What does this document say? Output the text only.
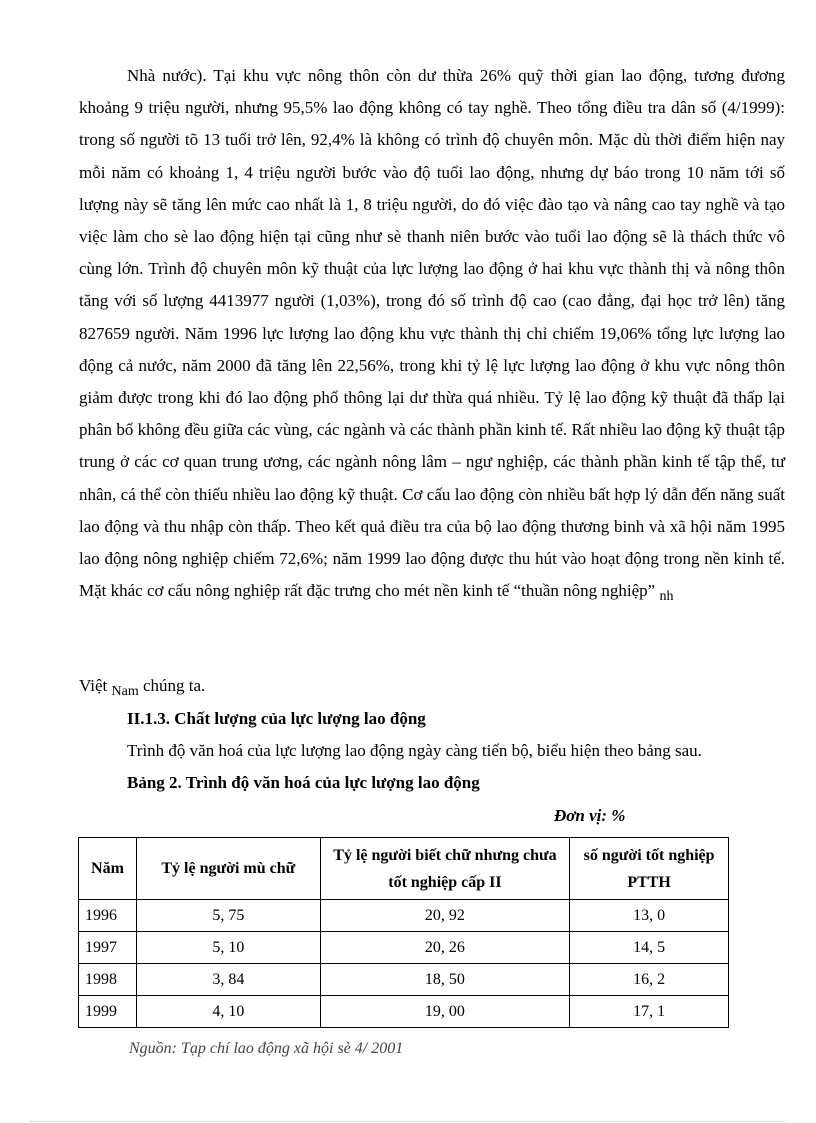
Nhà nước). Tại khu vực nông thôn còn dư thừa 26% quỹ thời gian lao động, tương đương khoảng 9 triệu người, nhưng 95,5% lao động không có tay nghề. Theo tổng điều tra dân số (4/1999): trong số người tõ 13 tuổi trở lên, 92,4% là không có trình độ chuyên môn. Mặc dù thời điểm hiện nay mỗi năm có khoảng 1, 4 triệu người bước vào độ tuổi lao động, nhưng dự báo trong 10 năm tới số lượng này sẽ tăng lên mức cao nhất là 1, 8 triệu người, do đó việc đào tạo và nâng cao tay nghề và tạo việc làm cho sè lao động hiện tại cũng như sè thanh niên bước vào tuổi lao động sẽ là thách thức vô cùng lớn. Trình độ chuyên môn kỹ thuật của lực lượng lao động ở hai khu vực thành thị và nông thôn tăng với số lượng 4413977 người (1,03%), trong đó số trình độ cao (cao đẳng, đại học trở lên) tăng 827659 người. Năm 1996 lực lượng lao động khu vực thành thị chỉ chiếm 19,06% tổng lực lượng lao động cả nước, năm 2000 đã tăng lên 22,56%, trong khi tỷ lệ lực lượng lao động ở khu vực nông thôn giảm được trong khi đó lao động phổ thông lại dư thừa quá nhiều. Tỷ lệ lao động kỹ thuật đã thấp lại phân bổ không đều giữa các vùng, các ngành và các thành phần kinh tế. Rất nhiều lao động kỹ thuật tập trung ở các cơ quan trung ương, các ngành nông lâm – ngư nghiệp, các thành phần kinh tế tập thể, tư nhân, cá thể còn thiếu nhiều lao động kỹ thuật. Cơ cấu lao động còn nhiều bất hợp lý dẫn đến năng suất lao động và thu nhập còn thấp. Theo kết quả điều tra của bộ lao động thương binh và xã hội năm 1995 lao động nông nghiệp chiếm 72,6%; năm 1999 lao động được thu hút vào hoạt động trong nền kinh tế. Mặt khác cơ cấu nông nghiệp rất đặc trưng cho mét nền kinh tế “thuần nông nghiệp” $_{nh}$

Việt $_{Nam}$ chúng ta.

II.1.3. Chất lượng của lực lượng lao động

Trình độ văn hoá của lực lượng lao động ngày càng tiến bộ, biểu hiện theo bảng sau.

Bảng 2. Trình độ văn hoá của lực lượng lao động

Đơn vị: %
Năm	Tỷ lệ người mù chữ	Tỷ lệ người biết chữ nhưng chưa tốt nghiệp cấp II	số người tốt nghiệp PTTH
1996	5, 75	20, 92	13, 0
1997	5, 10	20, 26	14, 5
1998	3, 84	18, 50	16, 2
1999	4, 10	19, 00	17, 1
Nguồn: Tạp chí lao động xã hội sè 4/ 2001
